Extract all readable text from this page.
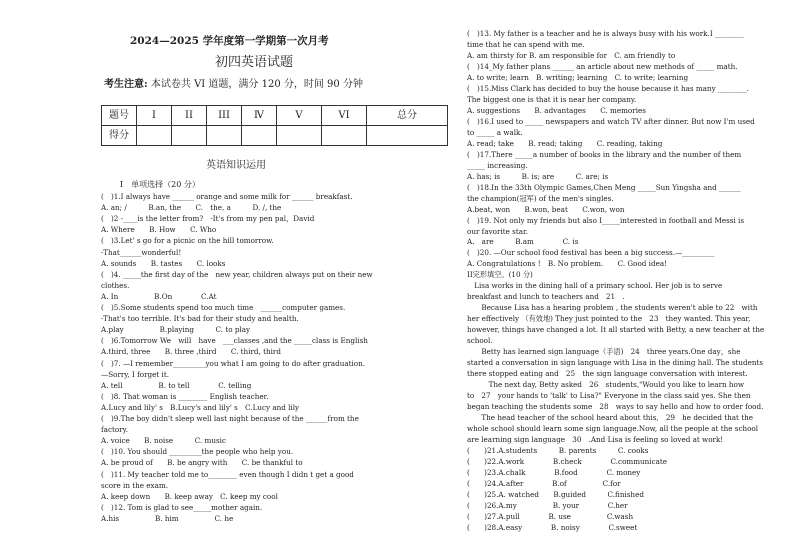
2024—2025 学年度第一学期第一次月考
初四英语试题
考生注意: 本试卷共 VI 道题，满分 120 分，时间 90 分钟
题号	I	II	III	Ⅳ	V	VI	总分
得分							
英语知识运用
I　单项选择（20 分）
(　)1.I always have ______ orange and some milk for ______ breakfast.
A. an; /　　　B.an, the　　C.　the, a　　　D. /, the
(　)2 -____is the letter from?　-It's from my pen pal，David
A. Where　　B. How　　C. Who
(　)3.Let' s go for a picnic on the hill tomorrow.
-That______wonderful!
A. sounds　　B. tastes　　C. looks
(　)4. _____the first day of the　new year, children always put on their new
clothes.
A. In　　　　　B.On　　　　C.At
(　)5.Some students spend too much time　______computer games.
-That's too terrible. It's bad for their study and health.
A.play　　　　　B.playing　　　C. to play
(　)6.Tomorrow We　will　have　___classes ,and the _____class is English
A.third, three　　B. three ,third　　C. third, third
(　)7. —I remember_________you what I am going to do after graduation.
—Sorry, I forget it.
A. tell　　　　　B. to tell　　　　C. telling
(　)8. That woman is ________ English teacher.
A.Lucy and lily' s　B.Lucy's and lily' s　C.Lucy and lily
(　)9.The boy didn't sleep well last night because of the ______from the
factory.
A. voice　　B. noise　　　C. music
(　)10. You should _________the people who help you.
A. be proud of　　B. be angry with　　C. be thankful to
(　)11. My teacher told me to________ even though I didn t get a good
score in the exam.
A. keep down　　B. keep away　C. keep my cool
(　)12. Tom is glad to see_____mother again.
A.his　　　　　B. him　　　　　C. he
(　)13. My father is a teacher and he is always busy with his work.I ________
time that he can spend with me.
A. am thirsty for B. am responsible for　C. am friendly to
(　)14_My father plans ______ an article about new methods of _____ math.
A. to write; learn　B. writing; learning　C. to write; learning
(　)15.Miss Clark has decided to buy the house because it has many ________.
The biggest one is that it is near her company.
A. suggestions　　B. advantages　　C. memories
(　)16.I used to _____ newspapers and watch TV after dinner. But now I'm used
to _____ a walk.
A. read; take　　B. read; taking　　C. reading, taking
(　)17.There _____a number of books in the library and the number of them
_____ increasing.
A. has; is　　　B. is; are　　　C. are; is
(　)18.In the 33th Olympic Games,Chen Meng _____Sun Yingsha and ______
the champion(冠军) of the men's singles.
A.beat, won　　B.won, beat　　C.won, won
(　)19. Not only my friends but also I_____interested in football and Messi is
our favorite star.
A.　are　　　B.am　　　　C. is
(　)20. —Our school food festival has been a big success.—_________
A. Congratulations !　B. No problem.　　C. Good idea!
II完形填空。(10 分)
　Lisa works in the dining hall of a primary school. Her job is to serve
breakfast and lunch to teachers and　21　.
　　Because Lisa has a hearing problem , the students weren't able to 22　with
her effectively （有效地) They just pointed to the　23　they wanted. This year,
however, things have changed a lot. It all started with Betty, a new teacher at the
school.
　　Betty has learned sign language（手语)　24　three years.One day，she
started a conversation in sign language with Lisa in the dining hall. The students
there stopped eating and　25　the sign language conversation with interest.
　　　The next day, Betty asked　26　students,"Would you like to learn how
to　27　your hands to 'talk' to Lisa?" Everyone in the class said yes. She then
began teaching the students some　28　ways to say hello and how to order food.
　　The head teacher of the school heard about this,　29　he decided that the
whole school should learn some sign language.Now, all the people at the school
are learning sign language　30　.And Lisa is feeling so loved at work!
(　　)21.A.students　　　B. parents　　　C. cooks
(　　)22.A.work　　　　B.check　　　　C.communicate
(　　)23.A.chalk　　　　B.food　　　　C. money
(　　)24.A.after　　　　B.of　　　　　C.for
(　　)25.A. watched　　B.guided　　　C.finished
(　　)26.A.my　　　　　B. your　　　　C.her
(　　)27.A.pull　　　　B. use　　　　　C.wash
(　　)28.A.easy　　　　B. noisy　　　　C.sweet
